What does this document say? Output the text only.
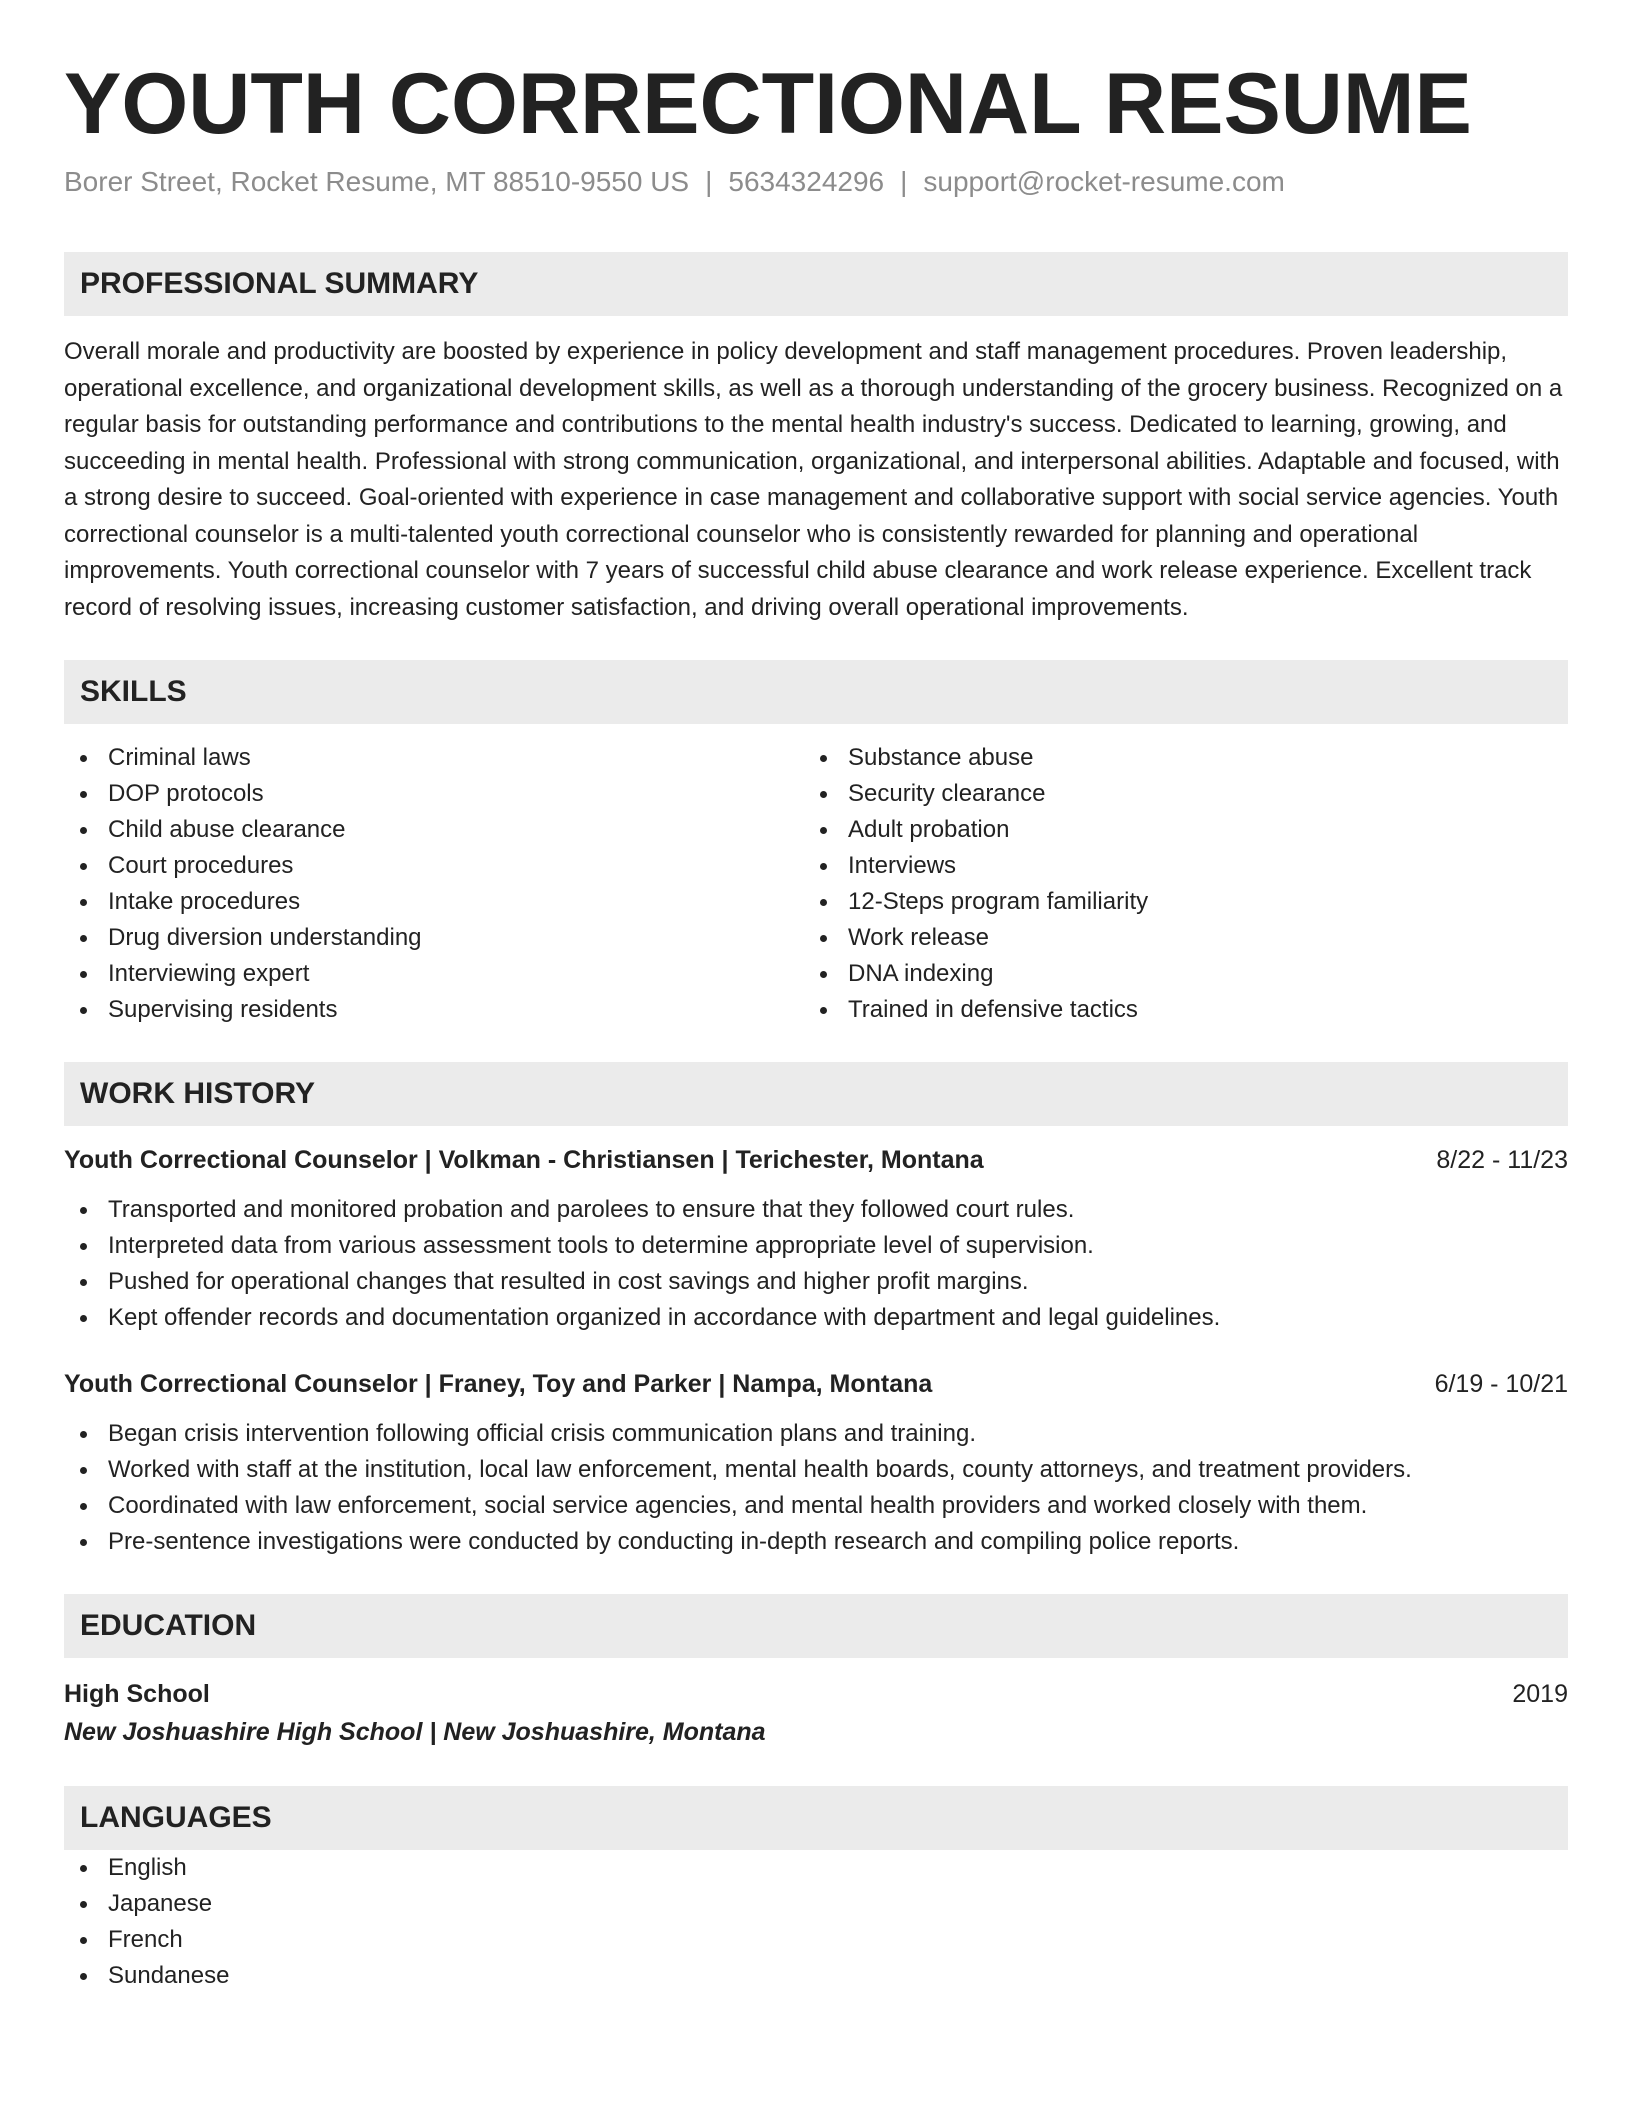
YOUTH CORRECTIONAL RESUME
Borer Street, Rocket Resume, MT 88510-9550 US | 5634324296 | support@rocket-resume.com
PROFESSIONAL SUMMARY
Overall morale and productivity are boosted by experience in policy development and staff management procedures. Proven leadership, operational excellence, and organizational development skills, as well as a thorough understanding of the grocery business. Recognized on a regular basis for outstanding performance and contributions to the mental health industry's success. Dedicated to learning, growing, and succeeding in mental health. Professional with strong communication, organizational, and interpersonal abilities. Adaptable and focused, with a strong desire to succeed. Goal-oriented with experience in case management and collaborative support with social service agencies. Youth correctional counselor is a multi-talented youth correctional counselor who is consistently rewarded for planning and operational improvements. Youth correctional counselor with 7 years of successful child abuse clearance and work release experience. Excellent track record of resolving issues, increasing customer satisfaction, and driving overall operational improvements.
SKILLS
Criminal laws
DOP protocols
Child abuse clearance
Court procedures
Intake procedures
Drug diversion understanding
Interviewing expert
Supervising residents
Substance abuse
Security clearance
Adult probation
Interviews
12-Steps program familiarity
Work release
DNA indexing
Trained in defensive tactics
WORK HISTORY
Youth Correctional Counselor | Volkman - Christiansen | Terichester, Montana	8/22 - 11/23
Transported and monitored probation and parolees to ensure that they followed court rules.
Interpreted data from various assessment tools to determine appropriate level of supervision.
Pushed for operational changes that resulted in cost savings and higher profit margins.
Kept offender records and documentation organized in accordance with department and legal guidelines.
Youth Correctional Counselor | Franey, Toy and Parker | Nampa, Montana	6/19 - 10/21
Began crisis intervention following official crisis communication plans and training.
Worked with staff at the institution, local law enforcement, mental health boards, county attorneys, and treatment providers.
Coordinated with law enforcement, social service agencies, and mental health providers and worked closely with them.
Pre-sentence investigations were conducted by conducting in-depth research and compiling police reports.
EDUCATION
High School	2019
New Joshuashire High School | New Joshuashire, Montana
LANGUAGES
English
Japanese
French
Sundanese
